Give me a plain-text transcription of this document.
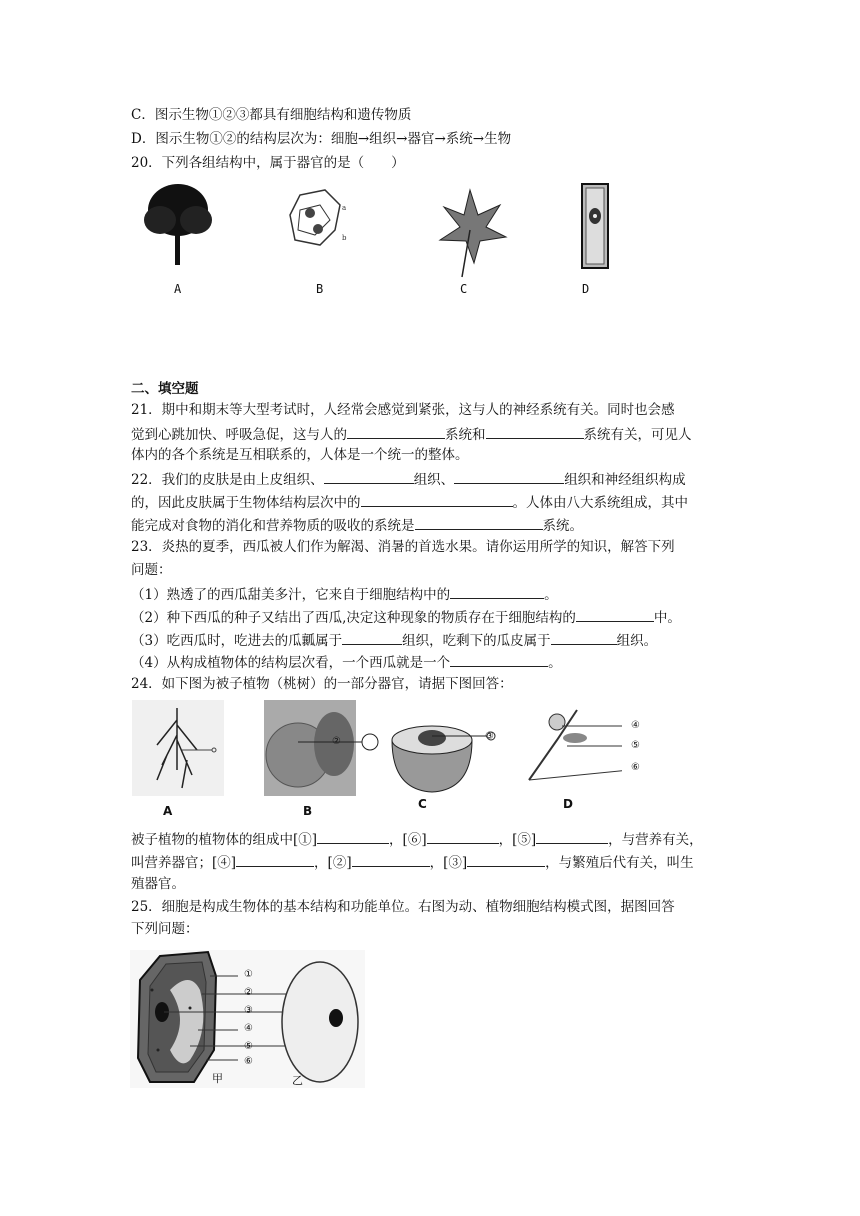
C．图示生物①②③都具有细胞结构和遗传物质
D．图示生物①②的结构层次为：细胞→组织→器官→系统→生物
20．下列各组结构中，属于器官的是（　　）
a
b
A	B	C	D
二、填空题
21．期中和期末等大型考试时，人经常会感觉到紧张，这与人的神经系统有关。同时也会感
觉到心跳加快、呼吸急促，这与人的	系统和	系统有关，可见人
体内的各个系统是互相联系的，人体是一个统一的整体。
22．我们的皮肤是由上皮组织、	组织、	组织和神经组织构成
的，因此皮肤属于生物体结构层次中的	。人体由八大系统组成，其中
能完成对食物的消化和营养物质的吸收的系统是	系统。
23．炎热的夏季，西瓜被人们作为解渴、消暑的首选水果。请你运用所学的知识，解答下列
问题：
（1）熟透了的西瓜甜美多汁，它来自于细胞结构中的	。
（2）种下西瓜的种子又结出了西瓜,决定这种现象的物质存在于细胞结构的	中。
（3）吃西瓜时，吃进去的瓜瓤属于	组织，吃剩下的瓜皮属于	组织。
（4）从构成植物体的结构层次看，一个西瓜就是一个	。
24．如下图为被子植物（桃树）的一部分器官，请据下图回答：
②	③
④
⑤
⑥
A	B	C	D
被子植物的植物体的组成中[①]	，[⑥]	，[⑤]	，与营养有关，
叫营养器官；[④]	，[②]	，[③]	，与繁殖后代有关，叫生
殖器官。
25．细胞是构成生物体的基本结构和功能单位。右图为动、植物细胞结构模式图，据图回答
下列问题：
①
②
③
④
⑤
⑥
甲	乙
